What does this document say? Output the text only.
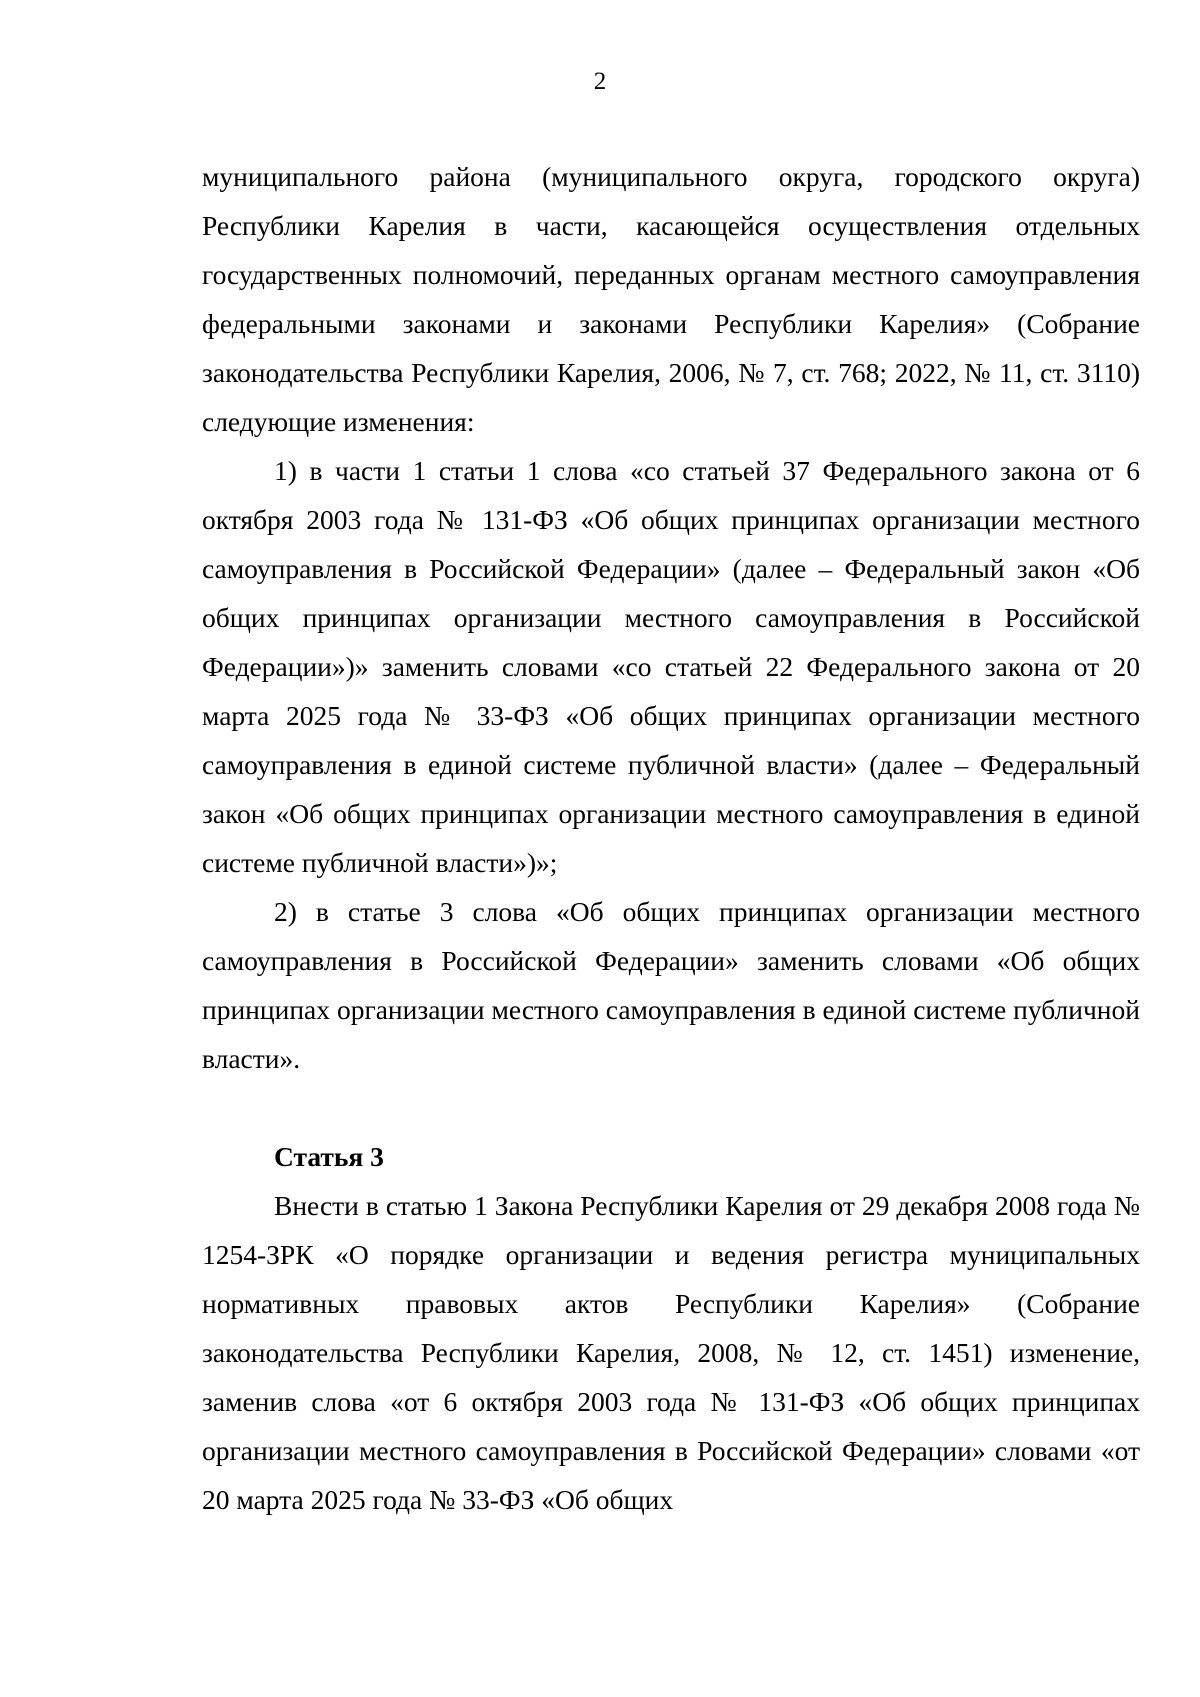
2

муниципального района (муниципального округа, городского округа) Республики Карелия в части, касающейся осуществления отдельных государственных полномочий, переданных органам местного самоуправления федеральными законами и законами Республики Карелия» (Собрание законодательства Республики Карелия, 2006, № 7, ст. 768; 2022, № 11, ст. 3110) следующие изменения:

1) в части 1 статьи 1 слова «со статьей 37 Федерального закона от 6 октября 2003 года № 131-ФЗ «Об общих принципах организации местного самоуправления в Российской Федерации» (далее – Федеральный закон «Об общих принципах организации местного самоуправления в Российской Федерации»)» заменить словами «со статьей 22 Федерального закона от 20 марта 2025 года № 33-ФЗ «Об общих принципах организации местного самоуправления в единой системе публичной власти» (далее – Федеральный закон «Об общих принципах организации местного самоуправления в единой системе публичной власти»)»;

2) в статье 3 слова «Об общих принципах организации местного самоуправления в Российской Федерации» заменить словами «Об общих принципах организации местного самоуправления в единой системе публичной власти».

Статья 3

Внести в статью 1 Закона Республики Карелия от 29 декабря 2008 года № 1254-ЗРК «О порядке организации и ведения регистра муниципальных нормативных правовых актов Республики Карелия» (Собрание законодательства Республики Карелия, 2008, № 12, ст. 1451) изменение, заменив слова «от 6 октября 2003 года № 131-ФЗ «Об общих принципах организации местного самоуправления в Российской Федерации» словами «от 20 марта 2025 года № 33-ФЗ «Об общих
